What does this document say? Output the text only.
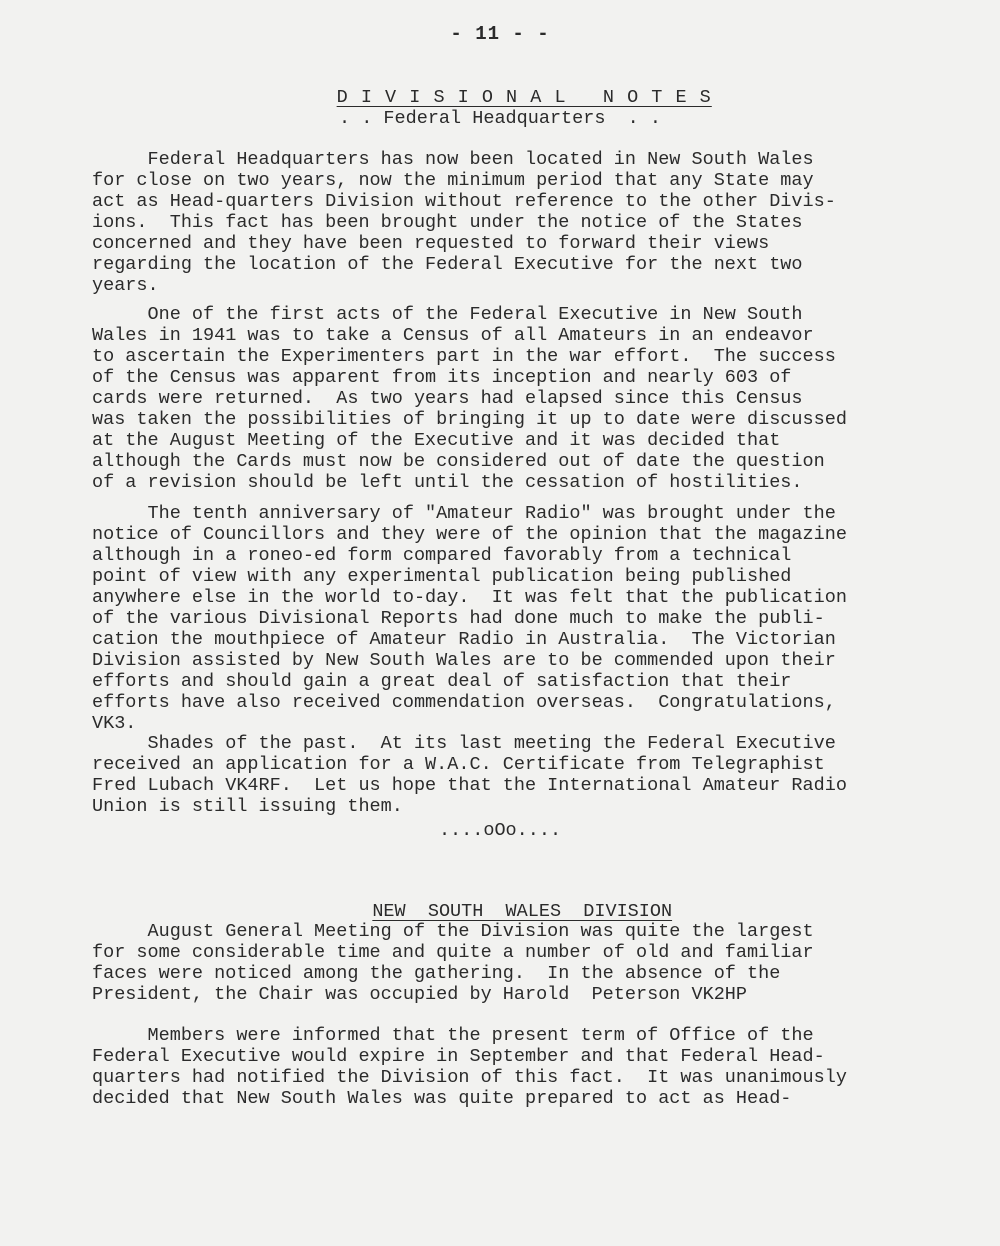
- 11 - -

D I V I S I O N A L   N O T E S

. . Federal Headquarters  . .
Federal Headquarters has now been located in New South Wales
for close on two years, now the minimum period that any State may
act as Head-quarters Division without reference to the other Divis-
ions.  This fact has been brought under the notice of the States
concerned and they have been requested to forward their views
regarding the location of the Federal Executive for the next two
years.
One of the first acts of the Federal Executive in New South
Wales in 1941 was to take a Census of all Amateurs in an endeavor
to ascertain the Experimenters part in the war effort.  The success
of the Census was apparent from its inception and nearly 603 of
cards were returned.  As two years had elapsed since this Census
was taken the possibilities of bringing it up to date were discussed
at the August Meeting of the Executive and it was decided that
although the Cards must now be considered out of date the question
of a revision should be left until the cessation of hostilities.
The tenth anniversary of "Amateur Radio" was brought under the
notice of Councillors and they were of the opinion that the magazine
although in a roneo-ed form compared favorably from a technical
point of view with any experimental publication being published
anywhere else in the world to-day.  It was felt that the publication
of the various Divisional Reports had done much to make the publi-
cation the mouthpiece of Amateur Radio in Australia.  The Victorian
Division assisted by New South Wales are to be commended upon their
efforts and should gain a great deal of satisfaction that their
efforts have also received commendation overseas.  Congratulations,
VK3.
Shades of the past.  At its last meeting the Federal Executive
received an application for a W.A.C. Certificate from Telegraphist
Fred Lubach VK4RF.  Let us hope that the International Amateur Radio
Union is still issuing them.
....oOo....

NEW  SOUTH  WALES  DIVISION

August General Meeting of the Division was quite the largest
for some considerable time and quite a number of old and familiar
faces were noticed among the gathering.  In the absence of the
President, the Chair was occupied by Harold  Peterson VK2HP
Members were informed that the present term of Office of the
Federal Executive would expire in September and that Federal Head-
quarters had notified the Division of this fact.  It was unanimously
decided that New South Wales was quite prepared to act as Head-
